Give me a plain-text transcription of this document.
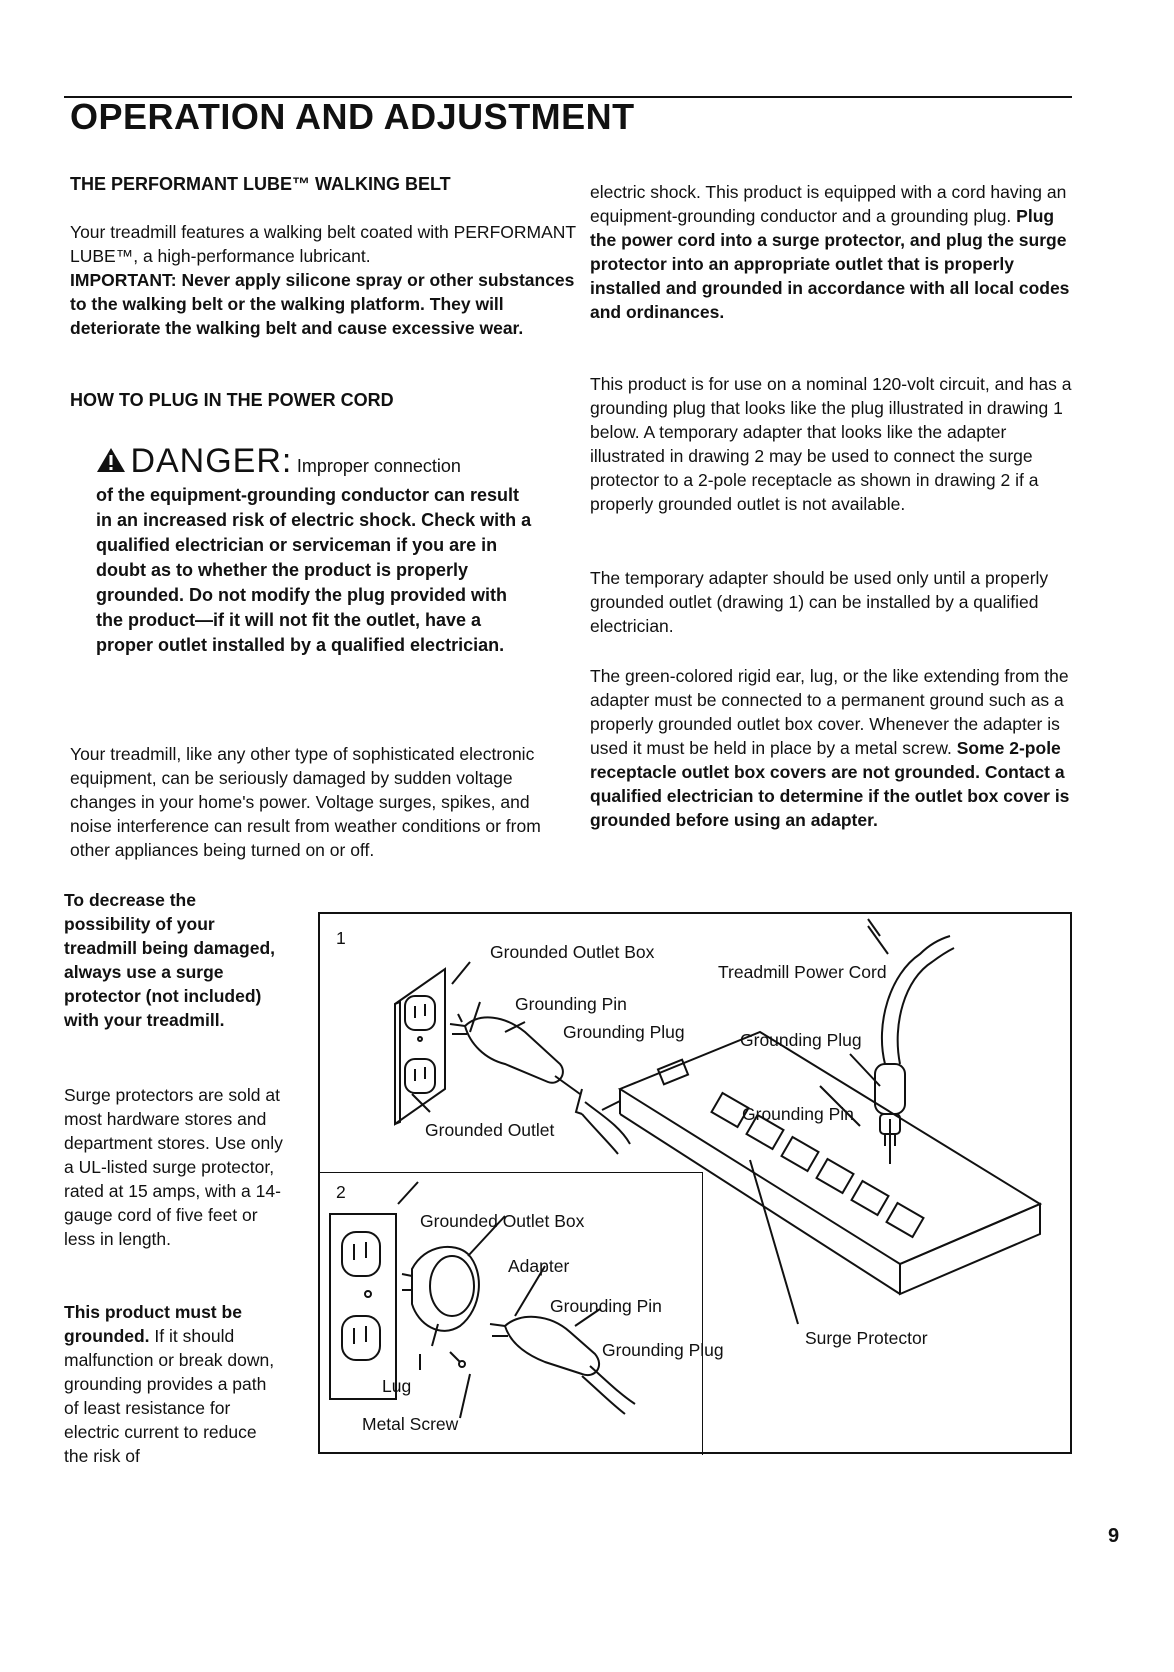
OPERATION AND ADJUSTMENT
THE PERFORMANT LUBE™ WALKING BELT

Your treadmill features a walking belt coated with PERFORMANT LUBE™, a high-performance lubricant.

IMPORTANT: Never apply silicone spray or other substances to the walking belt or the walking platform. They will deteriorate the walking belt and cause excessive wear.

HOW TO PLUG IN THE POWER CORD
DANGER: Improper connection
of the equipment-grounding conductor can result in an increased risk of electric shock. Check with a qualified electrician or serviceman if you are in doubt as to whether the product is properly grounded. Do not modify the plug provided with the product—if it will not fit the outlet, have a proper outlet installed by a qualified electrician.

Your treadmill, like any other type of sophisticated electronic equipment, can be seriously damaged by sudden voltage changes in your home's power. Voltage surges, spikes, and noise interference can result from weather conditions or from other appliances being turned on or off.

To decrease the possibility of your treadmill being damaged, always use a surge protector (not included) with your treadmill.
Surge protectors are sold at most hardware stores and department stores. Use only a UL-listed surge protector, rated at 15 amps, with a 14-gauge cord of five feet or less in length.
This product must be grounded. If it should malfunction or break down, grounding provides a path of least resistance for electric current to reduce the risk of

electric shock. This product is equipped with a cord having an equipment-grounding conductor and a grounding plug. Plug the power cord into a surge protector, and plug the surge protector into an appropriate outlet that is properly installed and grounded in accordance with all local codes and ordinances.

This product is for use on a nominal 120-volt circuit, and has a grounding plug that looks like the plug illustrated in drawing 1 below. A temporary adapter that looks like the adapter illustrated in drawing 2 may be used to connect the surge protector to a 2-pole receptacle as shown in drawing 2 if a properly grounded outlet is not available.

The temporary adapter should be used only until a properly grounded outlet (drawing 1) can be installed by a qualified electrician.

The green-colored rigid ear, lug, or the like extending from the adapter must be connected to a permanent ground such as a properly grounded outlet box cover. Whenever the adapter is used it must be held in place by a metal screw. Some 2-pole receptacle outlet box covers are not grounded. Contact a qualified electrician to determine if the outlet box cover is grounded before using an adapter.

1
Grounded Outlet Box
Treadmill Power Cord
Grounding Pin
Grounding Plug	Grounding Plug
Grounding Pin
Grounded Outlet
2
Grounded Outlet Box
Adapter
Grounding Pin
Grounding Plug
Surge Protector
Lug
Metal Screw
9
